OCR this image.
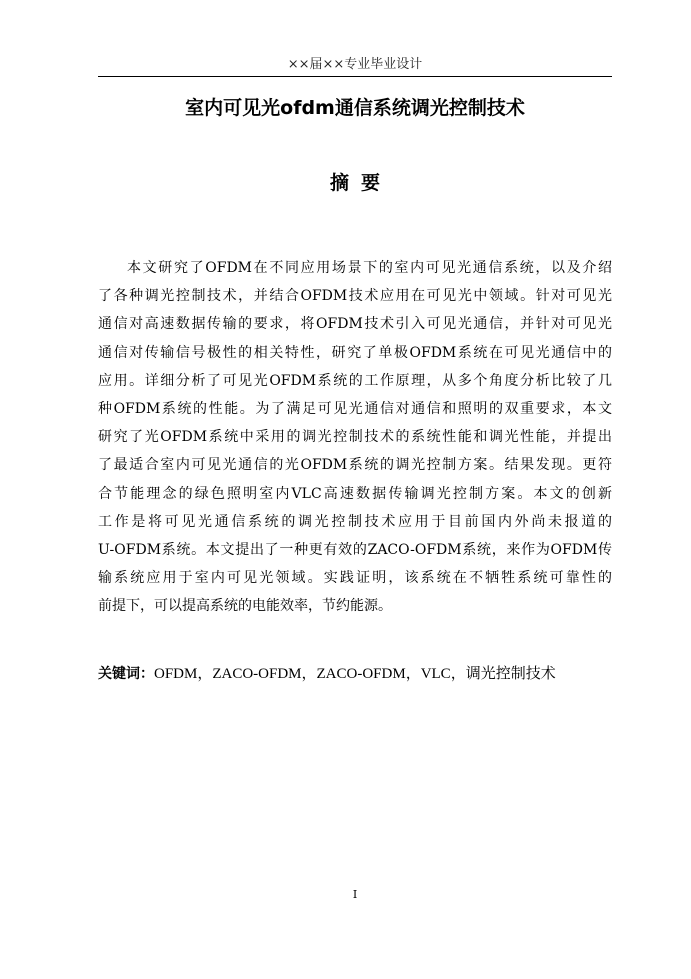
××届××专业毕业设计
室内可见光ofdm通信系统调光控制技术
摘要
本文研究了OFDM在不同应用场景下的室内可见光通信系统，以及介绍
了各种调光控制技术，并结合OFDM技术应用在可见光中领域。针对可见光
通信对高速数据传输的要求，将OFDM技术引入可见光通信，并针对可见光
通信对传输信号极性的相关特性，研究了单极OFDM系统在可见光通信中的
应用。详细分析了可见光OFDM系统的工作原理，从多个角度分析比较了几
种OFDM系统的性能。为了满足可见光通信对通信和照明的双重要求，本文
研究了光OFDM系统中采用的调光控制技术的系统性能和调光性能，并提出
了最适合室内可见光通信的光OFDM系统的调光控制方案。结果发现。更符
合节能理念的绿色照明室内VLC高速数据传输调光控制方案。本文的创新
工作是将可见光通信系统的调光控制技术应用于目前国内外尚未报道的
U-OFDM系统。本文提出了一种更有效的ZACO-OFDM系统，来作为OFDM传
输系统应用于室内可见光领域。实践证明，该系统在不牺牲系统可靠性的
前提下，可以提高系统的电能效率，节约能源。
关键词：OFDM，ZACO-OFDM，ZACO-OFDM，VLC，调光控制技术
I
